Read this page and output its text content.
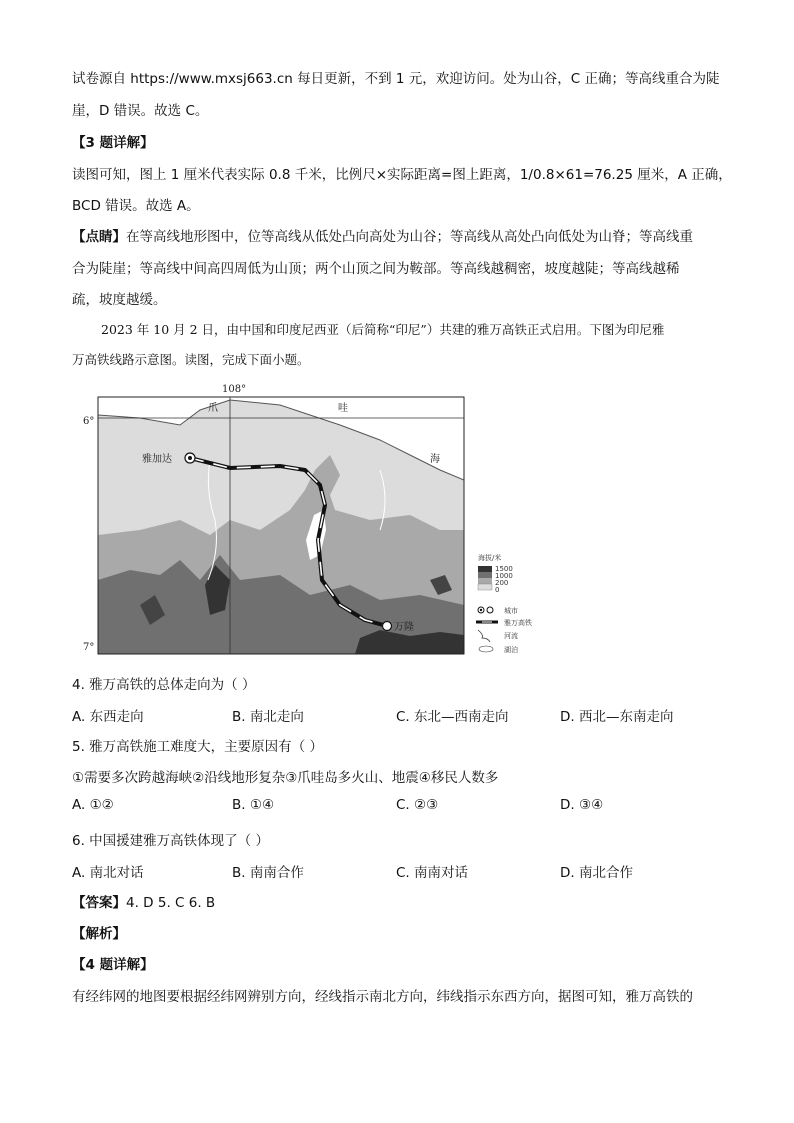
试卷源自 https://www.mxsj663.cn 每日更新，不到 1 元，欢迎访问。处为山谷，C 正确；等高线重合为陡
崖，D 错误。故选 C。
【3 题详解】
读图可知，图上 1 厘米代表实际 0.8 千米，比例尺×实际距离=图上距离，1/0.8×61=76.25 厘米，A 正确，
BCD 错误。故选 A。
【点睛】在等高线地形图中，位等高线从低处凸向高处为山谷；等高线从高处凸向低处为山脊；等高线重
合为陡崖；等高线中间高四周低为山顶；两个山顶之间为鞍部。等高线越稠密，坡度越陡；等高线越稀
疏，坡度越缓。
2023 年 10 月 2 日，由中国和印度尼西亚（后简称“印尼”）共建的雅万高铁正式启用。下图为印尼雅
万高铁线路示意图。读图，完成下面小题。
108°
6°
7°
爪	哇
海
雅加达
万隆
海拔/米
1500
1000
200
0
城市
雅万高铁
河流
湖泊
4. 雅万高铁的总体走向为（ ）
A. 东西走向	B. 南北走向	C. 东北—西南走向	D. 西北—东南走向
5. 雅万高铁施工难度大，主要原因有（ ）
①需要多次跨越海峡②沿线地形复杂③爪哇岛多火山、地震④移民人数多
A. ①②	B. ①④	C. ②③	D. ③④
6. 中国援建雅万高铁体现了（ ）
A. 南北对话	B. 南南合作	C. 南南对话	D. 南北合作
【答案】4. D 5. C 6. B
【解析】
【4 题详解】
有经纬网的地图要根据经纬网辨别方向，经线指示南北方向，纬线指示东西方向，据图可知，雅万高铁的
